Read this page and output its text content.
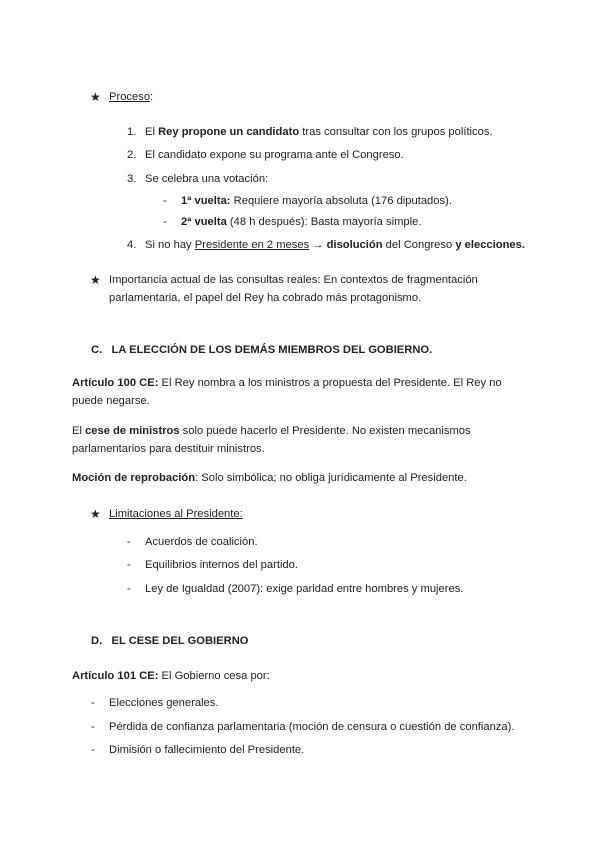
★ Proceso:
1. El Rey propone un candidato tras consultar con los grupos políticos.
2. El candidato expone su programa ante el Congreso.
3. Se celebra una votación:
- 1ª vuelta: Requiere mayoría absoluta (176 diputados).
- 2ª vuelta (48 h después): Basta mayoría simple.
4. Si no hay Presidente en 2 meses → disolución del Congreso y elecciones.
★ Importancia actual de las consultas reales: En contextos de fragmentación
parlamentaria, el papel del Rey ha cobrado más protagonismo.
C.   LA ELECCIÓN DE LOS DEMÁS MIEMBROS DEL GOBIERNO.
Artículo 100 CE: El Rey nombra a los ministros a propuesta del Presidente. El Rey no
puede negarse.
El cese de ministros solo puede hacerlo el Presidente. No existen mecanismos
parlamentarios para destituir ministros.
Moción de reprobación: Solo simbólica; no obliga jurídicamente al Presidente.
★ Limitaciones al Presidente:
- Acuerdos de coalición.
- Equilibrios internos del partido.
- Ley de Igualdad (2007): exige paridad entre hombres y mujeres.
D.   EL CESE DEL GOBIERNO
Artículo 101 CE: El Gobierno cesa por:
- Elecciones generales.
- Pérdida de confianza parlamentaria (moción de censura o cuestión de confianza).
- Dimisión o fallecimiento del Presidente.
